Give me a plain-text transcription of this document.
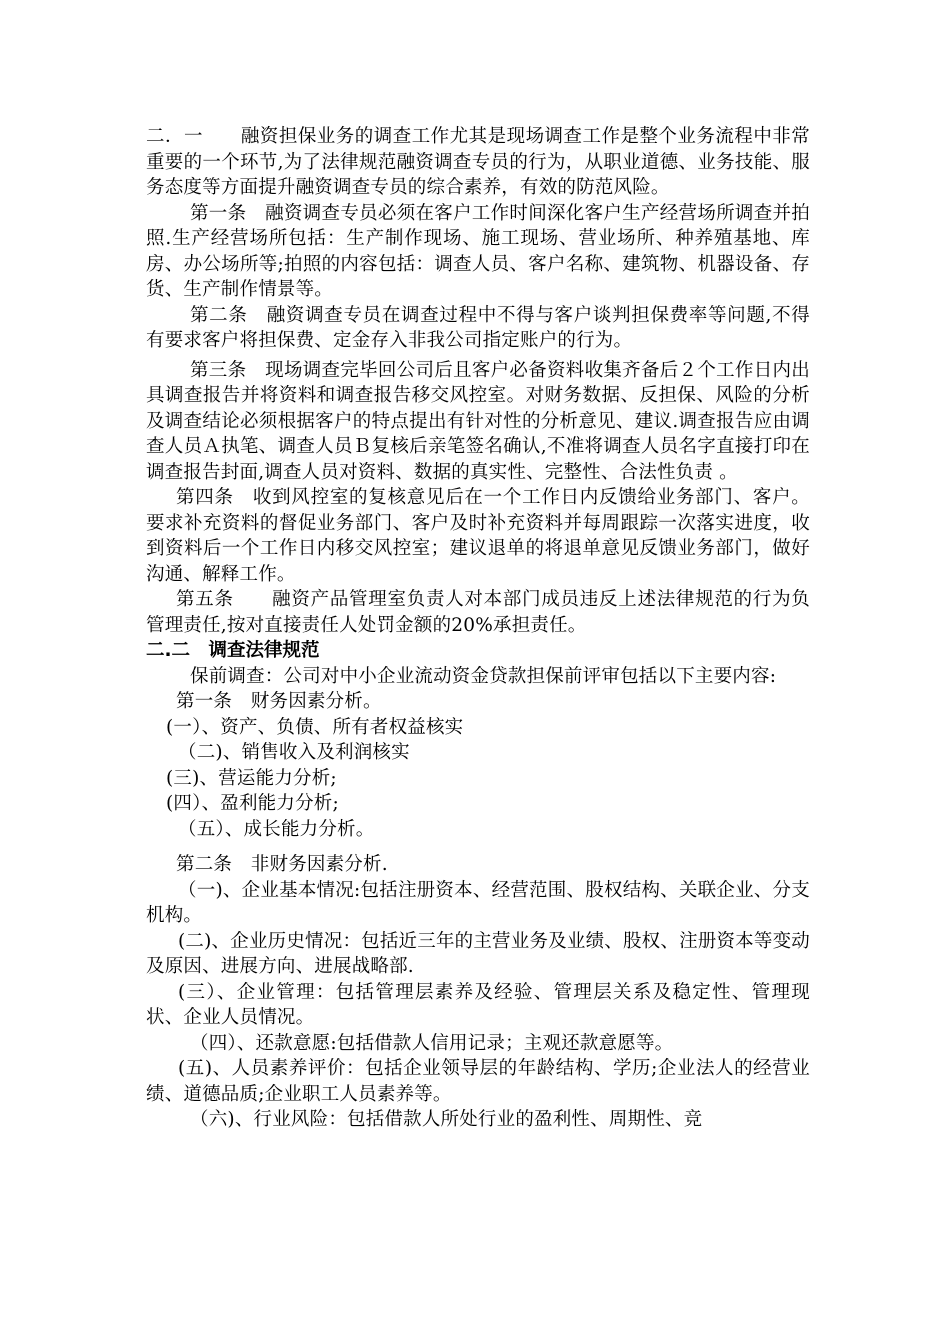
二．一　　融资担保业务的调查工作尤其是现场调查工作是整个业务流程中非常重要的一个环节,为了法律规范融资调查专员的行为，从职业道德、业务技能、服务态度等方面提升融资调查专员的综合素养，有效的防范风险。

第一条　融资调查专员必须在客户工作时间深化客户生产经营场所调查并拍照.生产经营场所包括：生产制作现场、施工现场、营业场所、种养殖基地、库房、办公场所等;拍照的内容包括：调查人员、客户名称、建筑物、机器设备、存货、生产制作情景等。

第二条　融资调查专员在调查过程中不得与客户谈判担保费率等问题,不得有要求客户将担保费、定金存入非我公司指定账户的行为。

第三条　现场调查完毕回公司后且客户必备资料收集齐备后２个工作日内出具调查报告并将资料和调查报告移交风控室。对财务数据、反担保、风险的分析及调查结论必须根据客户的特点提出有针对性的分析意见、建议.调查报告应由调查人员Ａ执笔、调查人员Ｂ复核后亲笔签名确认,不准将调查人员名字直接打印在调查报告封面,调查人员对资料、数据的真实性、完整性、合法性负责 。

第四条　收到风控室的复核意见后在一个工作日内反馈给业务部门、客户。要求补充资料的督促业务部门、客户及时补充资料并每周跟踪一次落实进度，收到资料后一个工作日内移交风控室；建议退单的将退单意见反馈业务部门，做好沟通、解释工作。

第五条　　融资产品管理室负责人对本部门成员违反上述法律规范的行为负管理责任,按对直接责任人处罚金额的20%承担责任。

二.二　调查法律规范

保前调查：公司对中小企业流动资金贷款担保前评审包括以下主要内容:

第一条　财务因素分析。

(一）、资产、负债、所有者权益核实

（二)、销售收入及利润核实

(三)、营运能力分析;

(四）、盈利能力分析;

（五）、成长能力分析。

第二条　非财务因素分析.

（一)、企业基本情况:包括注册资本、经营范围、股权结构、关联企业、分支机构。

(二)、企业历史情况：包括近三年的主营业务及业绩、股权、注册资本等变动及原因、进展方向、进展战略部.

(三）、企业管理：包括管理层素养及经验、管理层关系及稳定性、管理现状、企业人员情况。

（四）、还款意愿:包括借款人信用记录；主观还款意愿等。

(五)、人员素养评价：包括企业领导层的年龄结构、学历;企业法人的经营业绩、道德品质;企业职工人员素养等。

（六)、行业风险：包括借款人所处行业的盈利性、周期性、竞
